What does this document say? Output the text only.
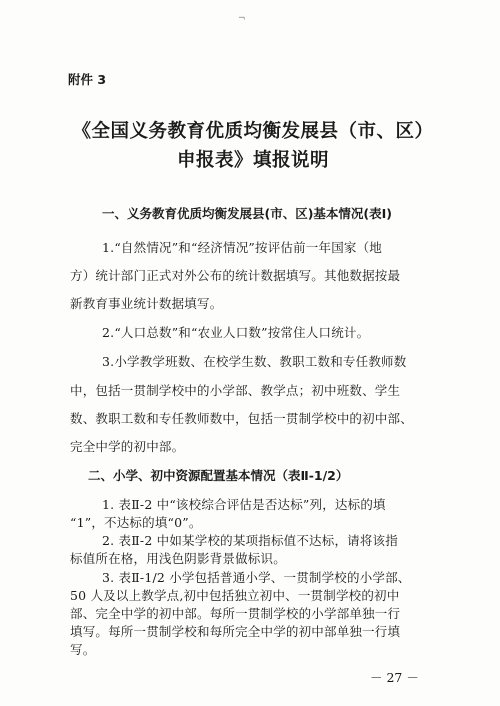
¬
附件 3
《全国义务教育优质均衡发展县（市、区）
申报表》填报说明
一、义务教育优质均衡发展县(市、区)基本情况(表Ⅰ)
1.“自然情况”和“经济情况”按评估前一年国家（地
方）统计部门正式对外公布的统计数据填写。其他数据按最
新教育事业统计数据填写。
2.“人口总数”和“农业人口数”按常住人口统计。
3.小学教学班数、在校学生数、教职工数和专任教师数
中，包括一贯制学校中的小学部、教学点；初中班数、学生
数、教职工数和专任教师数中，包括一贯制学校中的初中部、
完全中学的初中部。
二、小学、初中资源配置基本情况（表Ⅱ-1/2）
1. 表Ⅱ-2 中“该校综合评估是否达标”列，达标的填
“1”，不达标的填“0”。
2. 表Ⅱ-2 中如某学校的某项指标值不达标，请将该指
标值所在格，用浅色阴影背景做标识。
3. 表Ⅱ-1/2 小学包括普通小学、一贯制学校的小学部、
50 人及以上教学点,初中包括独立初中、一贯制学校的初中
部、完全中学的初中部。每所一贯制学校的小学部单独一行
填写。每所一贯制学校和每所完全中学的初中部单独一行填
写。
－ 27 －
